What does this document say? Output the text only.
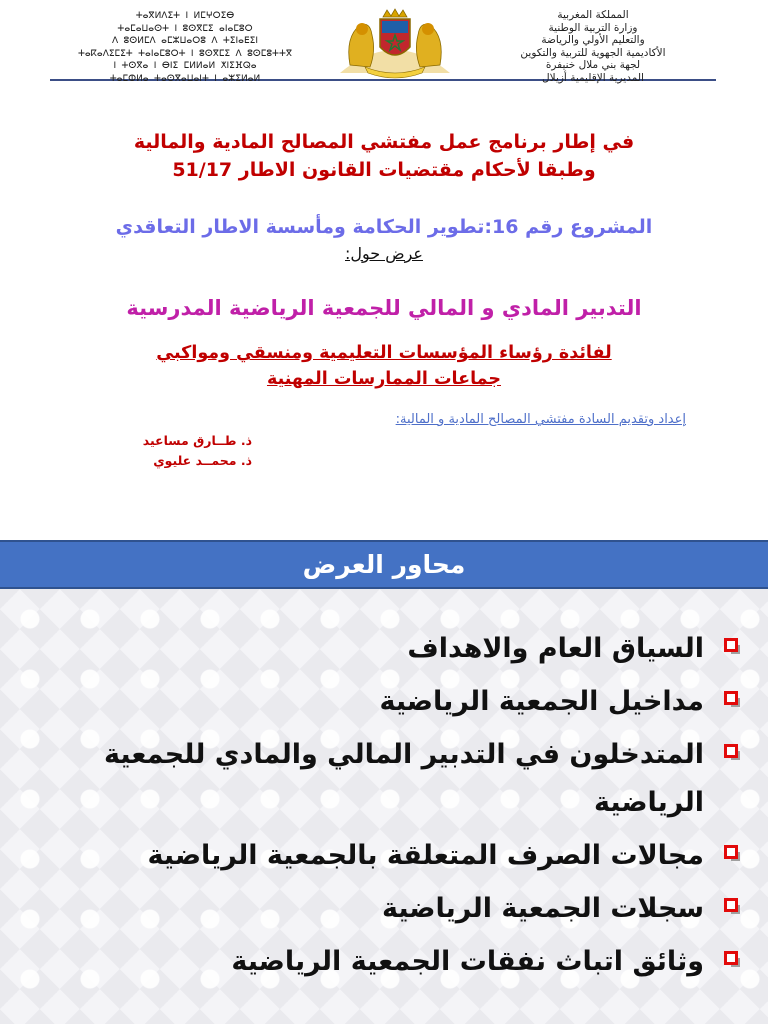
ⵜⴰⴳⵍⴷⵉⵜ ⵏ ⵍⵎⵖⵔⵉⴱ
ⵜⴰⵎⴰⵡⴰⵙⵜ ⵏ ⵓⵙⴳⵎⵉ ⴰⵏⴰⵎⵓⵔ
ⴷ ⵓⵙⵍⵎⴷ ⴰⵎⵣⵡⴰⵔⵓ ⴷ ⵜⵉⵏⴰⴹⵉⵏ
ⵜⴰⴽⴰⴷⵉⵎⵉⵜ ⵜⴰⵏⴰⵎⵓⵔⵜ ⵏ ⵓⵙⴳⵎⵉ ⴷ ⵓⵙⵎⵓⵜⵜⴳ
ⵏ ⵜⵙⴳⴰ ⵏ ⴱⵏⵉ ⵎⵍⵍⴰⵍ ⵅⵏⵉⴼⵕⴰ
ⵜⴰⵎⵀⵍⴰ ⵜⴰⵙⴳⴰⵡⴰⵏⵜ ⵏ ⴰⵣⵉⵍⴰⵍ
المملكة المغربية
وزارة التربية الوطنية
والتعليم الأولي والرياضة
الأكاديمية الجهوية للتربية والتكوين
لجهة بني ملال خنيفرة
المديرية الإقليمية أزيلال
في إطار برنامج عمل مفتشي المصالح المادية والمالية
وطبقا لأحكام مقتضيات القانون الاطار 51/17
المشروع رقم 16:تطوير الحكامة ومأسسة الاطار التعاقدي
عرض حول:
التدبير المادي و المالي للجمعية الرياضية المدرسية
لفائدة رؤساء المؤسسات التعليمية ومنسقي ومواكبي
جماعات الممارسات المهنية
إعداد وتقديم السادة مفتشي المصالح المادية و المالية:
ذ. طــارق مساعيد
ذ. محمــد عليوي
محاور العرض
السياق العام والاهداف
مداخيل الجمعية الرياضية
المتدخلون في التدبير المالي والمادي للجمعية الرياضية
مجالات الصرف المتعلقة بالجمعية الرياضية
سجلات الجمعية الرياضية
وثائق اتباث نفقات الجمعية الرياضية
